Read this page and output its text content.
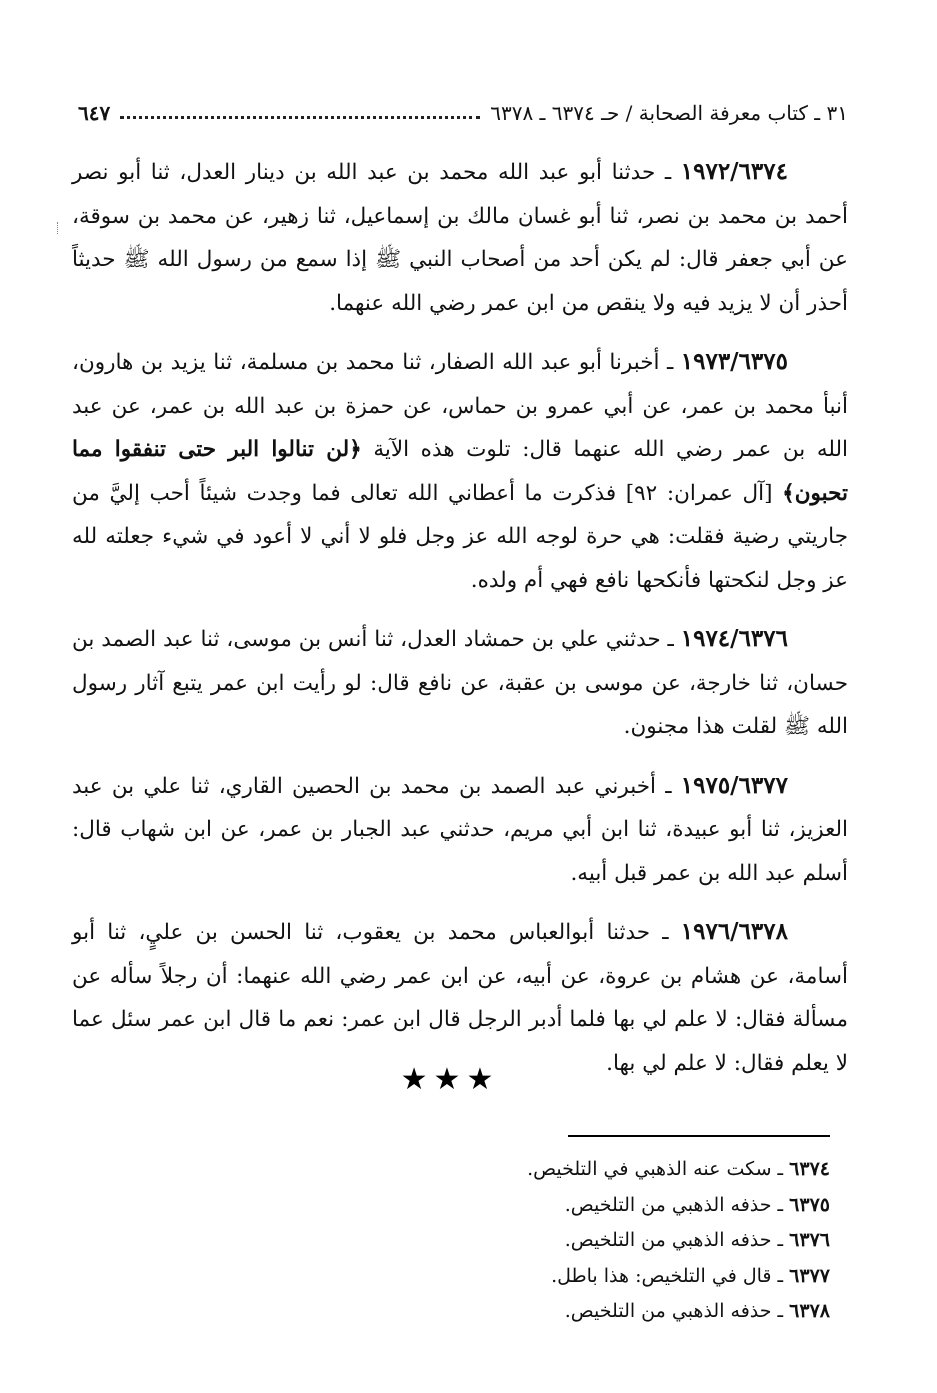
٣١ ـ كتاب معرفة الصحابة / حـ ٦٣٧٤ ـ ٦٣٧٨
٦٤٧

١٩٧٢/٦٣٧٤ ـ حدثنا أبو عبد الله محمد بن عبد الله بن دينار العدل، ثنا أبو نصر أحمد بن محمد بن نصر، ثنا أبو غسان مالك بن إسماعيل، ثنا زهير، عن محمد بن سوقة، عن أبي جعفر قال: لم يكن أحد من أصحاب النبي ﷺ إذا سمع من رسول الله ﷺ حديثاً أحذر أن لا يزيد فيه ولا ينقص من ابن عمر رضي الله عنهما.

١٩٧٣/٦٣٧٥ ـ أخبرنا أبو عبد الله الصفار، ثنا محمد بن مسلمة، ثنا يزيد بن هارون، أنبأ محمد بن عمر، عن أبي عمرو بن حماس، عن حمزة بن عبد الله بن عمر، عن عبد الله بن عمر رضي الله عنهما قال: تلوت هذه الآية ﴿لن تنالوا البر حتى تنفقوا مما تحبون﴾ [آل عمران: ٩٢] فذكرت ما أعطاني الله تعالى فما وجدت شيئاً أحب إليَّ من جاريتي رضية فقلت: هي حرة لوجه الله عز وجل فلو لا أني لا أعود في شيء جعلته لله عز وجل لنكحتها فأنكحها نافع فهي أم ولده.

١٩٧٤/٦٣٧٦ ـ حدثني علي بن حمشاد العدل، ثنا أنس بن موسى، ثنا عبد الصمد بن حسان، ثنا خارجة، عن موسى بن عقبة، عن نافع قال: لو رأيت ابن عمر يتبع آثار رسول الله ﷺ لقلت هذا مجنون.

١٩٧٥/٦٣٧٧ ـ أخبرني عبد الصمد بن محمد بن الحصين القاري، ثنا علي بن عبد العزيز، ثنا أبو عبيدة، ثنا ابن أبي مريم، حدثني عبد الجبار بن عمر، عن ابن شهاب قال: أسلم عبد الله بن عمر قبل أبيه.

١٩٧٦/٦٣٧٨ ـ حدثنا أبوالعباس محمد بن يعقوب، ثنا الحسن بن عليٍ، ثنا أبو أسامة، عن هشام بن عروة، عن أبيه، عن ابن عمر رضي الله عنهما: أن رجلاً سأله عن مسألة فقال: لا علم لي بها فلما أدبر الرجل قال ابن عمر: نعم ما قال ابن عمر سئل عما لا يعلم فقال: لا علم لي بها.

★★★
٦٣٧٤ ـ سكت عنه الذهبي في التلخيص.
٦٣٧٥ ـ حذفه الذهبي من التلخيص.
٦٣٧٦ ـ حذفه الذهبي من التلخيص.
٦٣٧٧ ـ قال في التلخيص: هذا باطل.
٦٣٧٨ ـ حذفه الذهبي من التلخيص.
